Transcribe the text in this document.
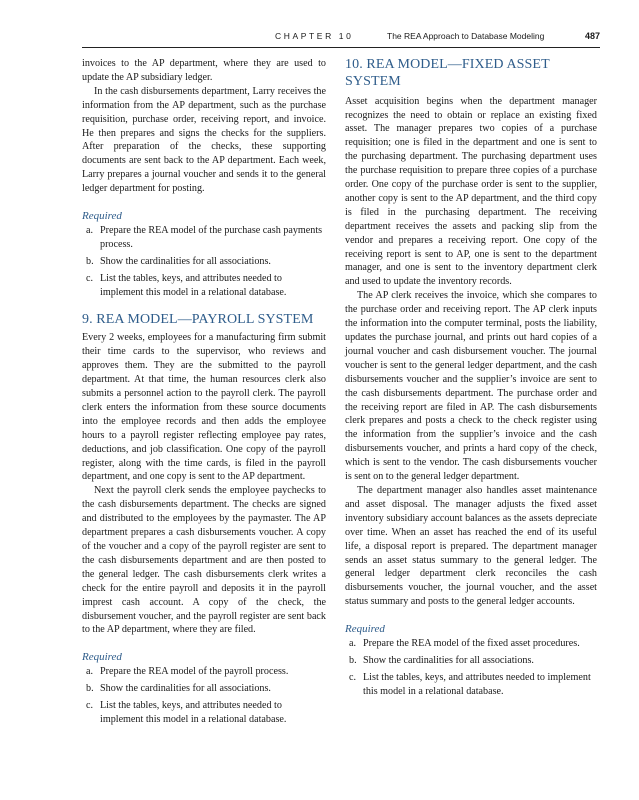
CHAPTER 10	The REA Approach to Database Modeling	487

invoices to the AP department, where they are used to update the AP subsidiary ledger.

In the cash disbursements department, Larry receives the information from the AP department, such as the purchase requisition, purchase order, receiving report, and invoice. He then prepares and signs the checks for the suppliers. After preparation of the checks, these supporting documents are sent back to the AP department. Each week, Larry prepares a journal voucher and sends it to the general ledger department for posting.

Required
a. Prepare the REA model of the purchase cash payments process.
b. Show the cardinalities for all associations.
c. List the tables, keys, and attributes needed to implement this model in a relational database.
9. REA MODEL—PAYROLL SYSTEM

Every 2 weeks, employees for a manufacturing firm submit their time cards to the supervisor, who reviews and approves them. They are the submitted to the payroll department. At that time, the human resources clerk also submits a personnel action to the payroll clerk. The payroll clerk enters the information from these source documents into the employee records and then adds the employee hours to a payroll register reflecting employee pay rates, deductions, and job classification. One copy of the payroll register, along with the time cards, is filed in the payroll department, and one copy is sent to the AP department.

Next the payroll clerk sends the employee paychecks to the cash disbursements department. The checks are signed and distributed to the employees by the paymaster. The AP department prepares a cash disbursements voucher. A copy of the voucher and a copy of the payroll register are sent to the cash disbursements department and are then posted to the general ledger. The cash disbursements clerk writes a check for the entire payroll and deposits it in the payroll imprest cash account. A copy of the check, the disbursement voucher, and the payroll register are sent back to the AP department, where they are filed.

Required
a. Prepare the REA model of the payroll process.
b. Show the cardinalities for all associations.
c. List the tables, keys, and attributes needed to implement this model in a relational database.
10. REA MODEL—FIXED ASSET SYSTEM

Asset acquisition begins when the department manager recognizes the need to obtain or replace an existing fixed asset. The manager prepares two copies of a purchase requisition; one is filed in the department and one is sent to the purchasing department. The purchasing department uses the purchase requisition to prepare three copies of a purchase order. One copy of the purchase order is sent to the supplier, another copy is sent to the AP department, and the third copy is filed in the purchasing department. The receiving department receives the assets and packing slip from the vendor and prepares a receiving report. One copy of the receiving report is sent to AP, one is sent to the department manager, and one is sent to the inventory department clerk and used to update the inventory records.

The AP clerk receives the invoice, which she compares to the purchase order and receiving report. The AP clerk inputs the information into the computer terminal, posts the liability, updates the purchase journal, and prints out hard copies of a journal voucher and cash disbursement voucher. The journal voucher is sent to the general ledger department, and the cash disbursements voucher and the supplier’s invoice are sent to the cash disbursements department. The purchase order and the receiving report are filed in AP. The cash disbursements clerk prepares and posts a check to the check register using the information from the supplier’s invoice and the cash disbursements voucher, and prints a hard copy of the check, which is sent to the vendor. The cash disbursements voucher is sent on to the general ledger department.

The department manager also handles asset maintenance and asset disposal. The manager adjusts the fixed asset inventory subsidiary account balances as the assets depreciate over time. When an asset has reached the end of its useful life, a disposal report is prepared. The department manager sends an asset status summary to the general ledger. The general ledger department clerk reconciles the cash disbursements voucher, the journal voucher, and the asset status summary and posts to the general ledger accounts.

Required
a. Prepare the REA model of the fixed asset procedures.
b. Show the cardinalities for all associations.
c. List the tables, keys, and attributes needed to implement this model in a relational database.
